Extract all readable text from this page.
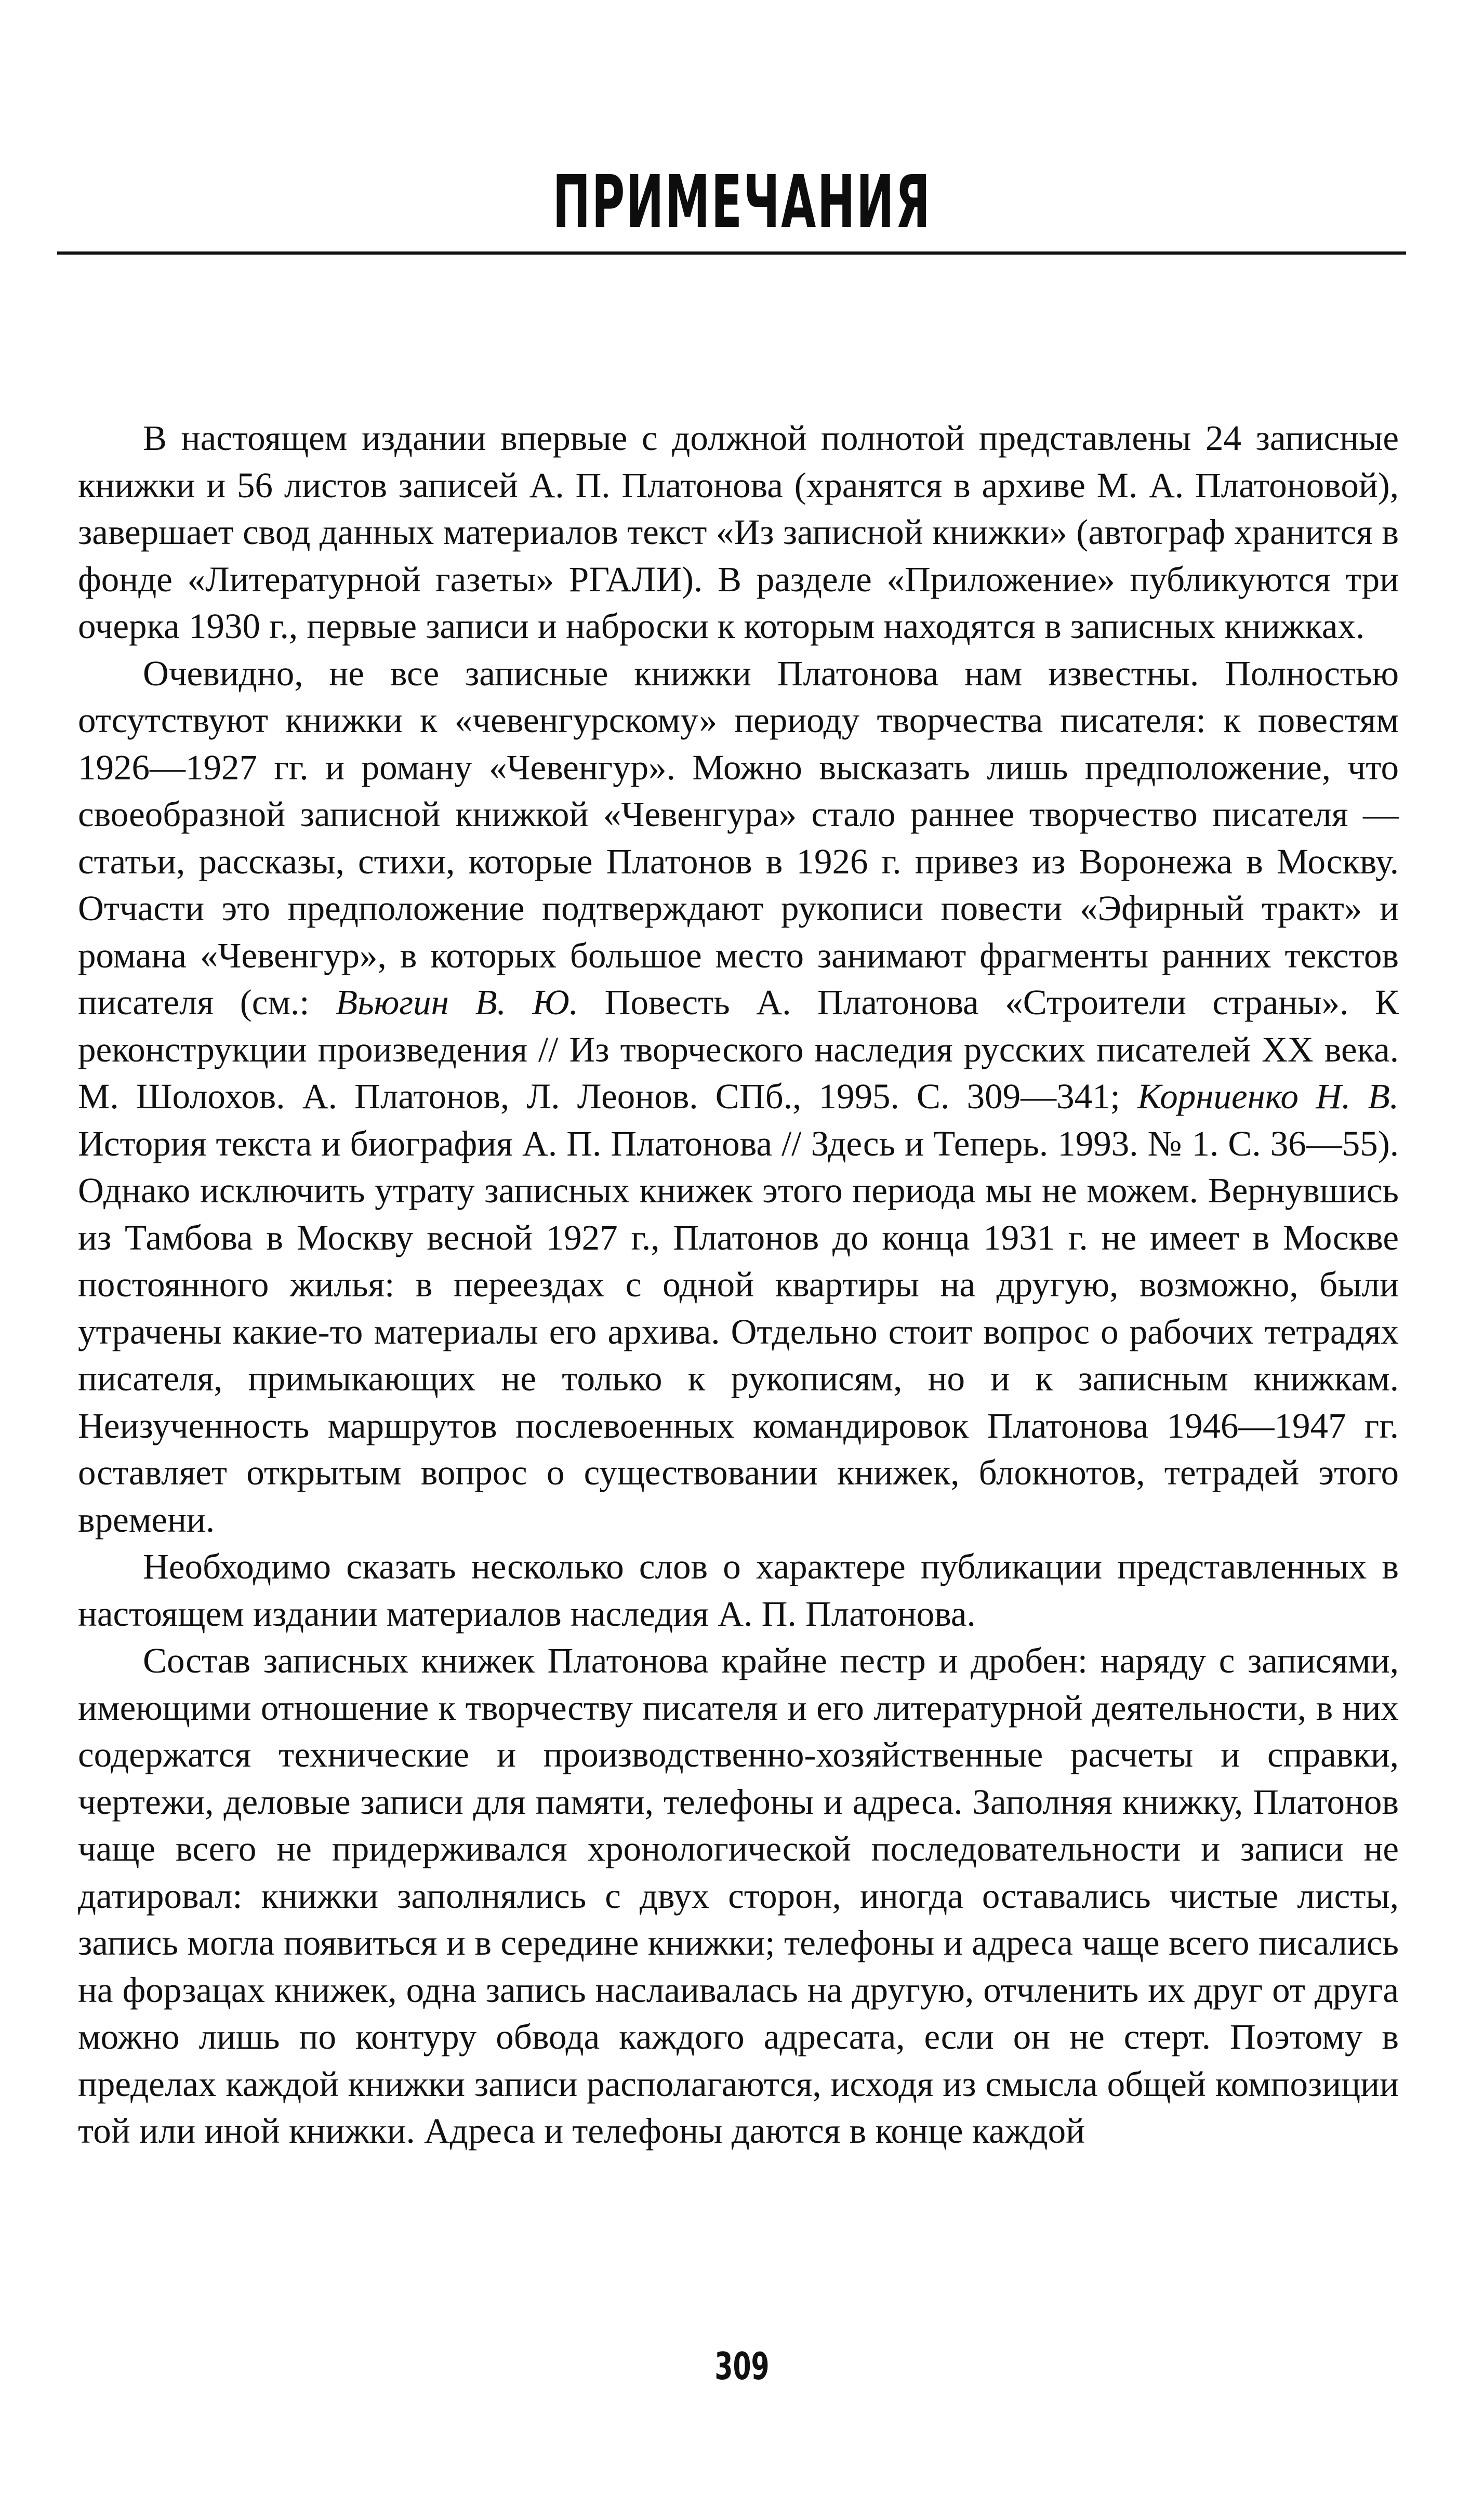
ПРИМЕЧАНИЯ

В настоящем издании впервые с должной полнотой представлены 24 записные книжки и 56 листов записей А. П. Платонова (хранятся в архиве М. А. Платоновой), завершает свод данных материалов текст «Из записной книжки» (автограф хранится в фонде «Литературной газеты» РГАЛИ). В разделе «Приложение» публикуются три очерка 1930 г., первые записи и наброски к которым находятся в записных книжках.

Очевидно, не все записные книжки Платонова нам известны. Полностью отсутствуют книжки к «чевенгурскому» периоду творчества писателя: к повестям 1926—1927 гг. и роману «Чевенгур». Можно высказать лишь предположение, что своеобразной записной книжкой «Чевенгура» стало раннее творчество писателя — статьи, рассказы, стихи, которые Платонов в 1926 г. привез из Воронежа в Москву. Отчасти это предположение подтверждают рукописи повести «Эфирный тракт» и романа «Чевенгур», в которых большое место занимают фрагменты ранних текстов писателя (см.: Вьюгин В. Ю. Повесть А. Платонова «Строители страны». К реконструкции произведения // Из творческого наследия русских писателей XX века. М. Шолохов. А. Платонов, Л. Леонов. СПб., 1995. С. 309—341; Корниенко Н. В. История текста и биография А. П. Платонова // Здесь и Теперь. 1993. № 1. С. 36—55). Однако исключить утрату записных книжек этого периода мы не можем. Вернувшись из Тамбова в Москву весной 1927 г., Платонов до конца 1931 г. не имеет в Москве постоянного жилья: в переездах с одной квартиры на другую, возможно, были утрачены какие-то материалы его архива. Отдельно стоит вопрос о рабочих тетрадях писателя, примыкающих не только к рукописям, но и к записным книжкам. Неизученность маршрутов послевоенных командировок Платонова 1946—1947 гг. оставляет открытым вопрос о существовании книжек, блокнотов, тетрадей этого времени.

Необходимо сказать несколько слов о характере публикации представленных в настоящем издании материалов наследия А. П. Платонова.

Состав записных книжек Платонова крайне пестр и дробен: наряду с записями, имеющими отношение к творчеству писателя и его литературной деятельности, в них содержатся технические и производственно-хозяйственные расчеты и справки, чертежи, деловые записи для памяти, телефоны и адреса. Заполняя книжку, Платонов чаще всего не придерживался хронологической последовательности и записи не датировал: книжки заполнялись с двух сторон, иногда оставались чистые листы, запись могла появиться и в середине книжки; телефоны и адреса чаще всего писались на форзацах книжек, одна запись наслаивалась на другую, отчленить их друг от друга можно лишь по контуру обвода каждого адресата, если он не стерт. Поэтому в пределах каждой книжки записи располагаются, исходя из смысла общей композиции той или иной книжки. Адреса и телефоны даются в конце каждой

309
